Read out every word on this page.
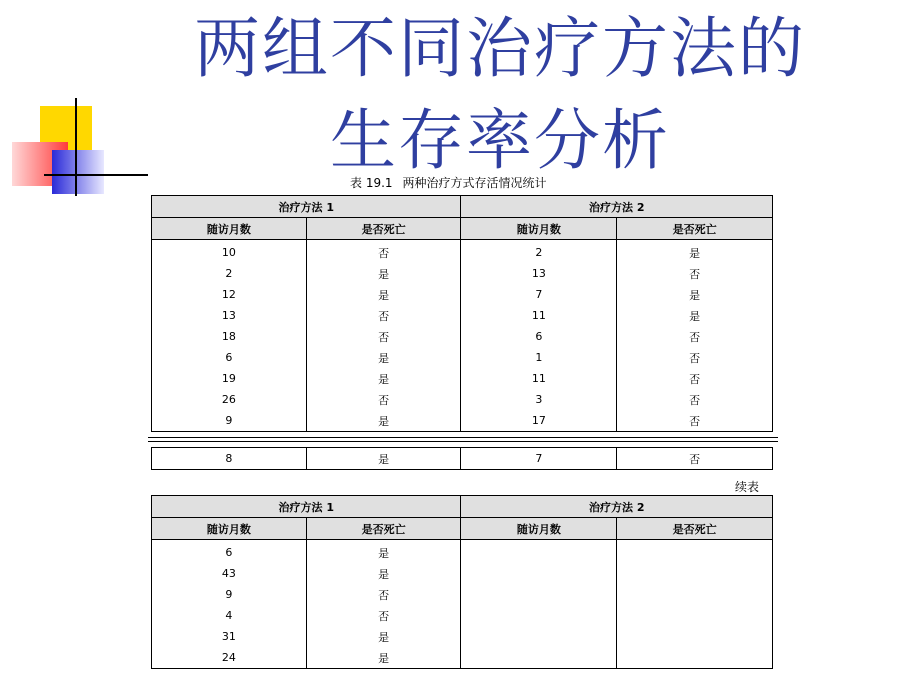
两组不同治疗方法的
生存率分析
表 19.1 两种治疗方式存活情况统计
治疗方法 1		治疗方法 2	
随访月数	是否死亡	随访月数	是否死亡
10	否	2	是
2	是	13	否
12	是	7	是
13	否	11	是
18	否	6	否
6	是	1	否
19	是	11	否
26	否	3	否
9	是	17	否
8	是	7	否
续表
治疗方法 1		治疗方法 2	
随访月数	是否死亡	随访月数	是否死亡
6	是		
43	是		
9	否		
4	否		
31	是		
24	是		
